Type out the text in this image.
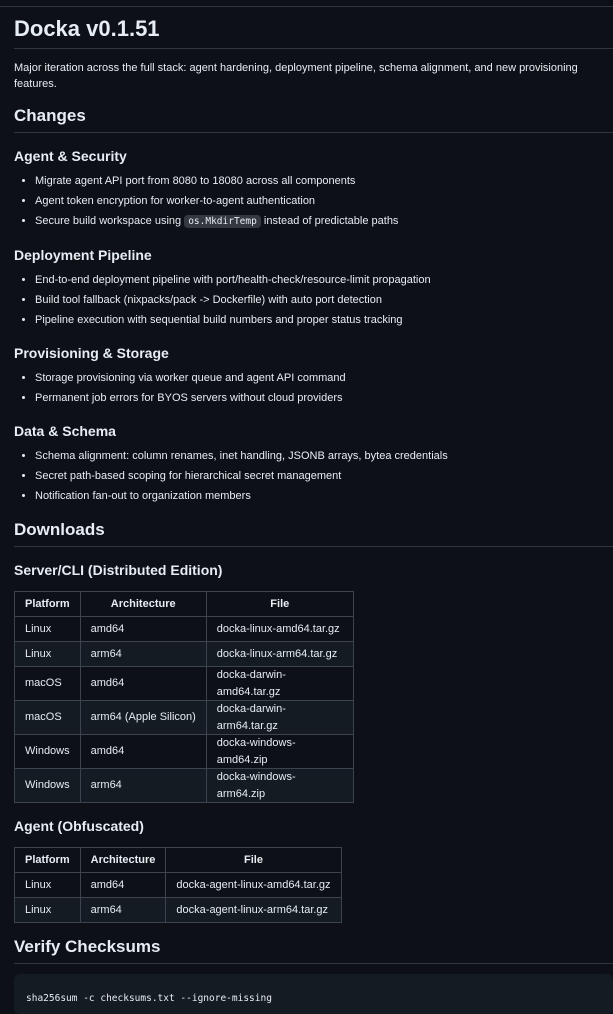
Docka v0.1.51

Major iteration across the full stack: agent hardening, deployment pipeline, schema alignment, and new provisioning features.

Changes
Agent & Security
• Migrate agent API port from 8080 to 18080 across all components
• Agent token encryption for worker-to-agent authentication
• Secure build workspace using os.MkdirTemp instead of predictable paths
Deployment Pipeline
• End-to-end deployment pipeline with port/health-check/resource-limit propagation
• Build tool fallback (nixpacks/pack -> Dockerfile) with auto port detection
• Pipeline execution with sequential build numbers and proper status tracking
Provisioning & Storage
• Storage provisioning via worker queue and agent API command
• Permanent job errors for BYOS servers without cloud providers
Data & Schema
• Schema alignment: column renames, inet handling, JSONB arrays, bytea credentials
• Secret path-based scoping for hierarchical secret management
• Notification fan-out to organization members
Downloads
Server/CLI (Distributed Edition)
Platform	Architecture	File
Linux	amd64	docka-linux-amd64.tar.gz
Linux	arm64	docka-linux-arm64.tar.gz
macOS	amd64	docka-darwin-amd64.tar.gz
macOS	arm64 (Apple Silicon)	docka-darwin-arm64.tar.gz
Windows	amd64	docka-windows-amd64.zip
Windows	arm64	docka-windows-arm64.zip
Agent (Obfuscated)
Platform	Architecture	File
Linux	amd64	docka-agent-linux-amd64.tar.gz
Linux	arm64	docka-agent-linux-arm64.tar.gz
Verify Checksums
sha256sum -c checksums.txt --ignore-missing
